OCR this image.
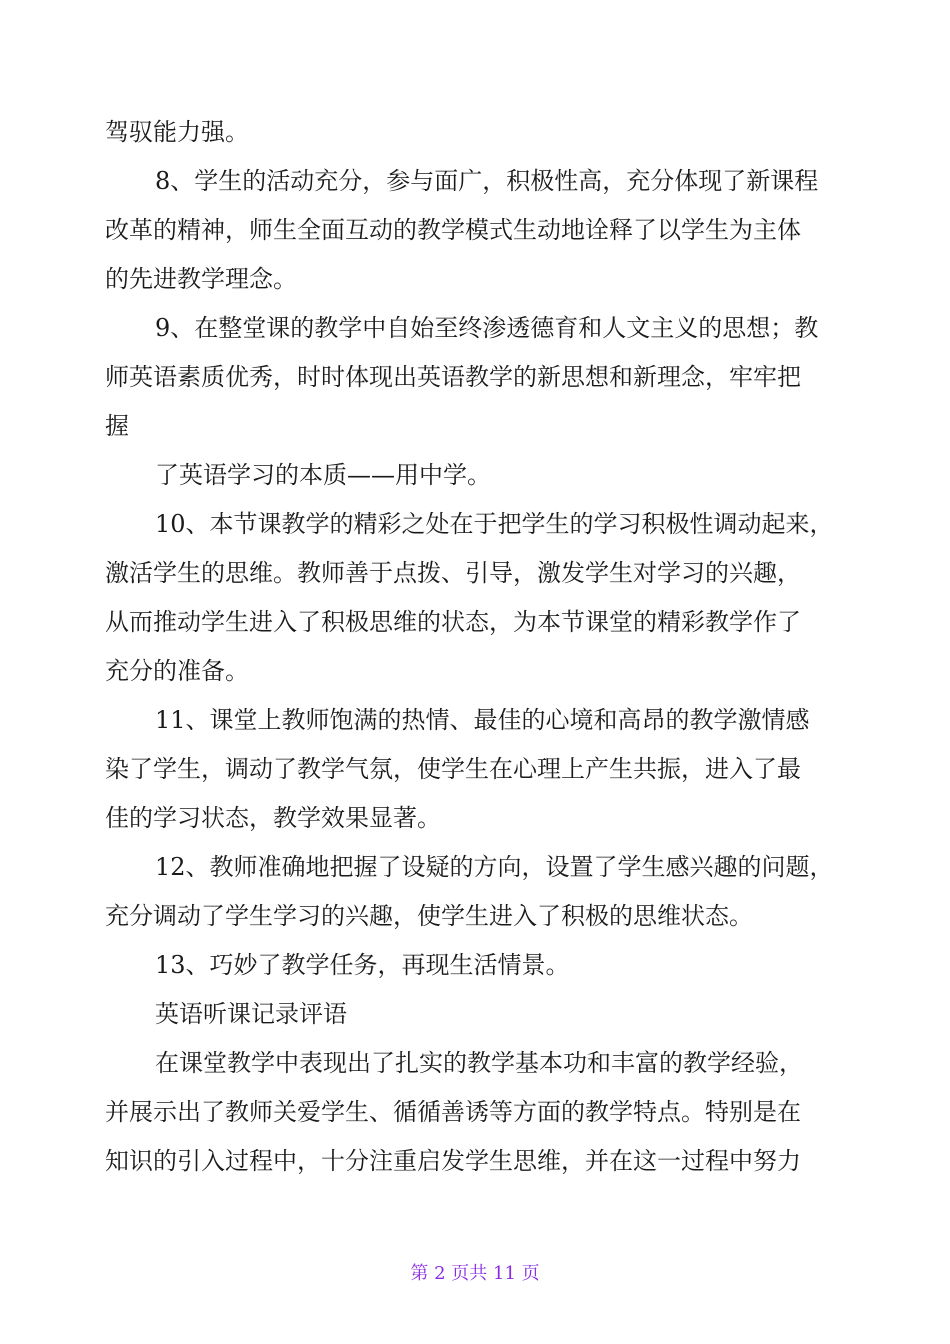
驾驭能力强。
8、学生的活动充分，参与面广，积极性高，充分体现了新课程
改革的精神，师生全面互动的教学模式生动地诠释了以学生为主体
的先进教学理念。
9、在整堂课的教学中自始至终渗透德育和人文主义的思想；教
师英语素质优秀，时时体现出英语教学的新思想和新理念，牢牢把
握
了英语学习的本质——用中学。
10、本节课教学的精彩之处在于把学生的学习积极性调动起来，
激活学生的思维。教师善于点拨、引导，激发学生对学习的兴趣，
从而推动学生进入了积极思维的状态，为本节课堂的精彩教学作了
充分的准备。
11、课堂上教师饱满的热情、最佳的心境和高昂的教学激情感
染了学生，调动了教学气氛，使学生在心理上产生共振，进入了最
佳的学习状态，教学效果显著。
12、教师准确地把握了设疑的方向，设置了学生感兴趣的问题，
充分调动了学生学习的兴趣，使学生进入了积极的思维状态。
13、巧妙了教学任务，再现生活情景。
英语听课记录评语
在课堂教学中表现出了扎实的教学基本功和丰富的教学经验，
并展示出了教师关爱学生、循循善诱等方面的教学特点。特别是在
知识的引入过程中，十分注重启发学生思维，并在这一过程中努力
第 2 页共 11 页
